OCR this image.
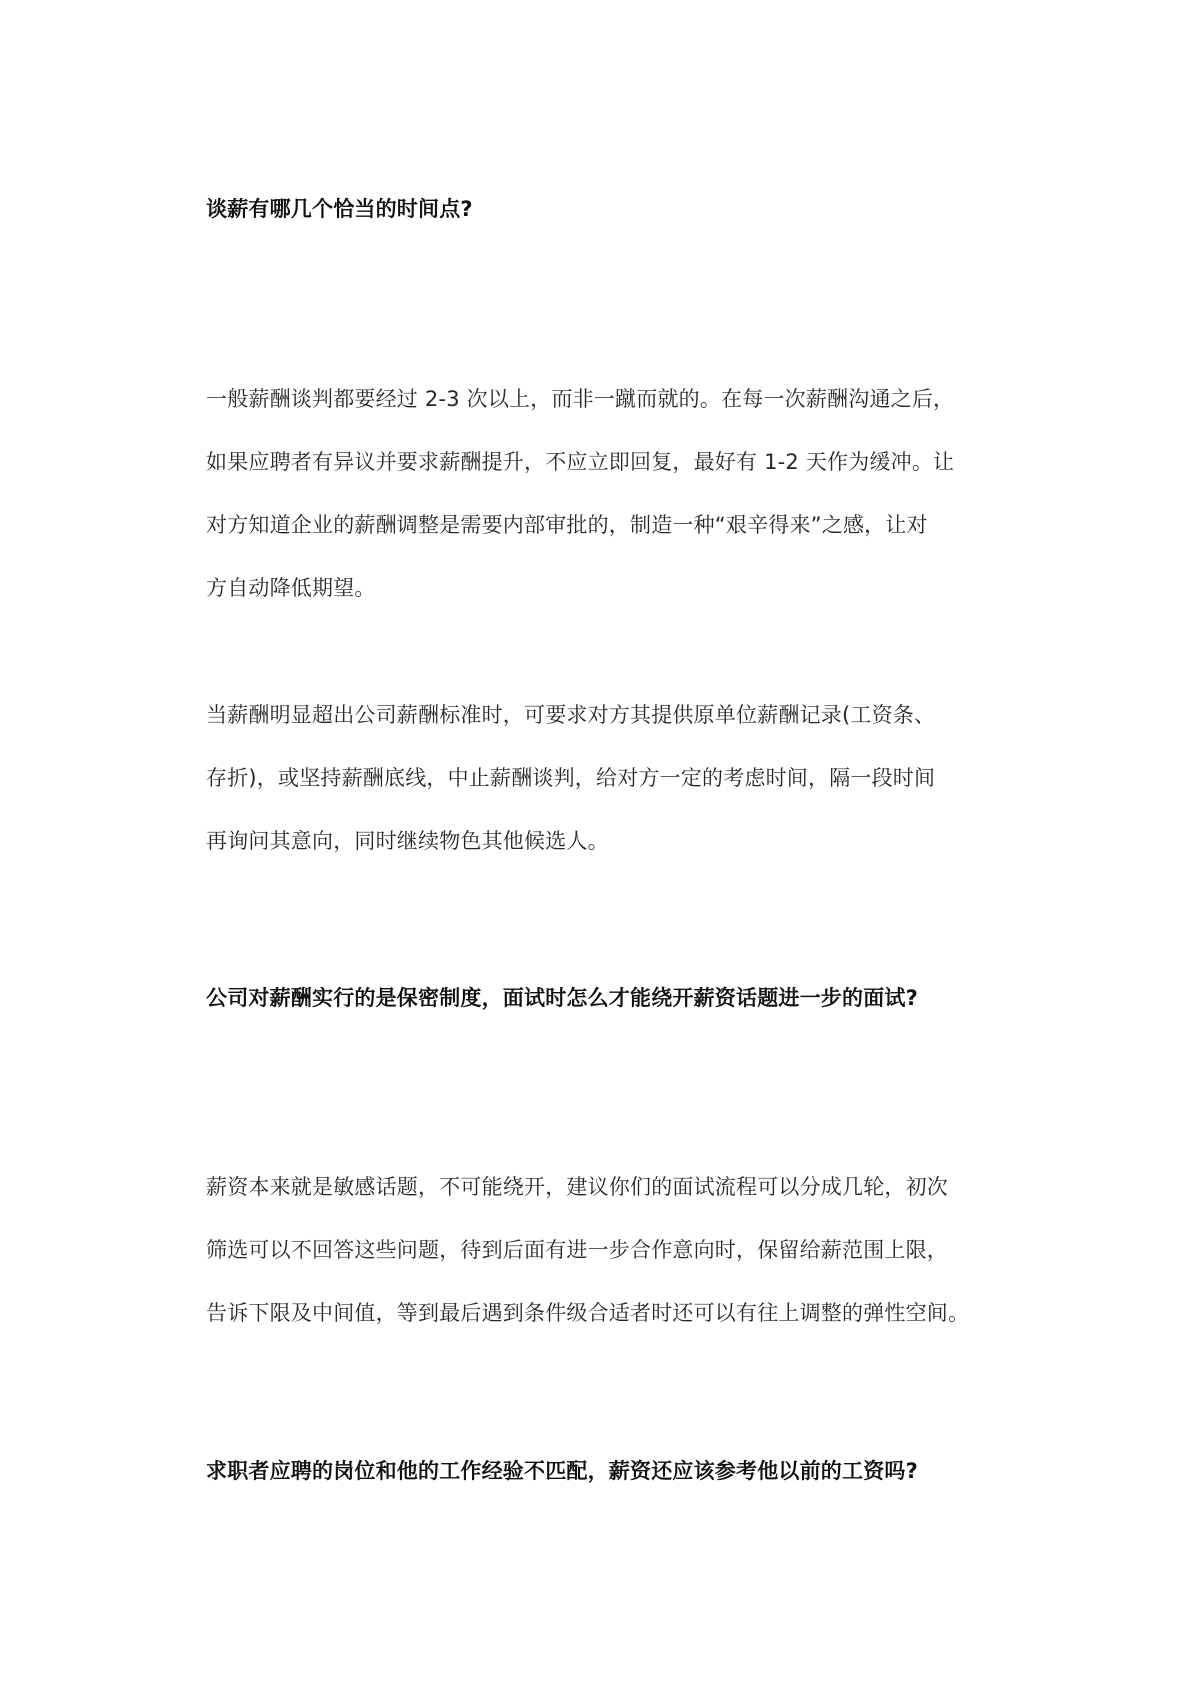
谈薪有哪几个恰当的时间点?
一般薪酬谈判都要经过 2-3 次以上，而非一蹴而就的。在每一次薪酬沟通之后，
如果应聘者有异议并要求薪酬提升，不应立即回复，最好有 1-2 天作为缓冲。让
对方知道企业的薪酬调整是需要内部审批的，制造一种“艰辛得来”之感，让对
方自动降低期望。
当薪酬明显超出公司薪酬标准时，可要求对方其提供原单位薪酬记录(工资条、
存折)，或坚持薪酬底线，中止薪酬谈判，给对方一定的考虑时间，隔一段时间
再询问其意向，同时继续物色其他候选人。
公司对薪酬实行的是保密制度，面试时怎么才能绕开薪资话题进一步的面试?
薪资本来就是敏感话题，不可能绕开，建议你们的面试流程可以分成几轮，初次
筛选可以不回答这些问题，待到后面有进一步合作意向时，保留给薪范围上限，
告诉下限及中间值，等到最后遇到条件级合适者时还可以有往上调整的弹性空间。
求职者应聘的岗位和他的工作经验不匹配，薪资还应该参考他以前的工资吗?
